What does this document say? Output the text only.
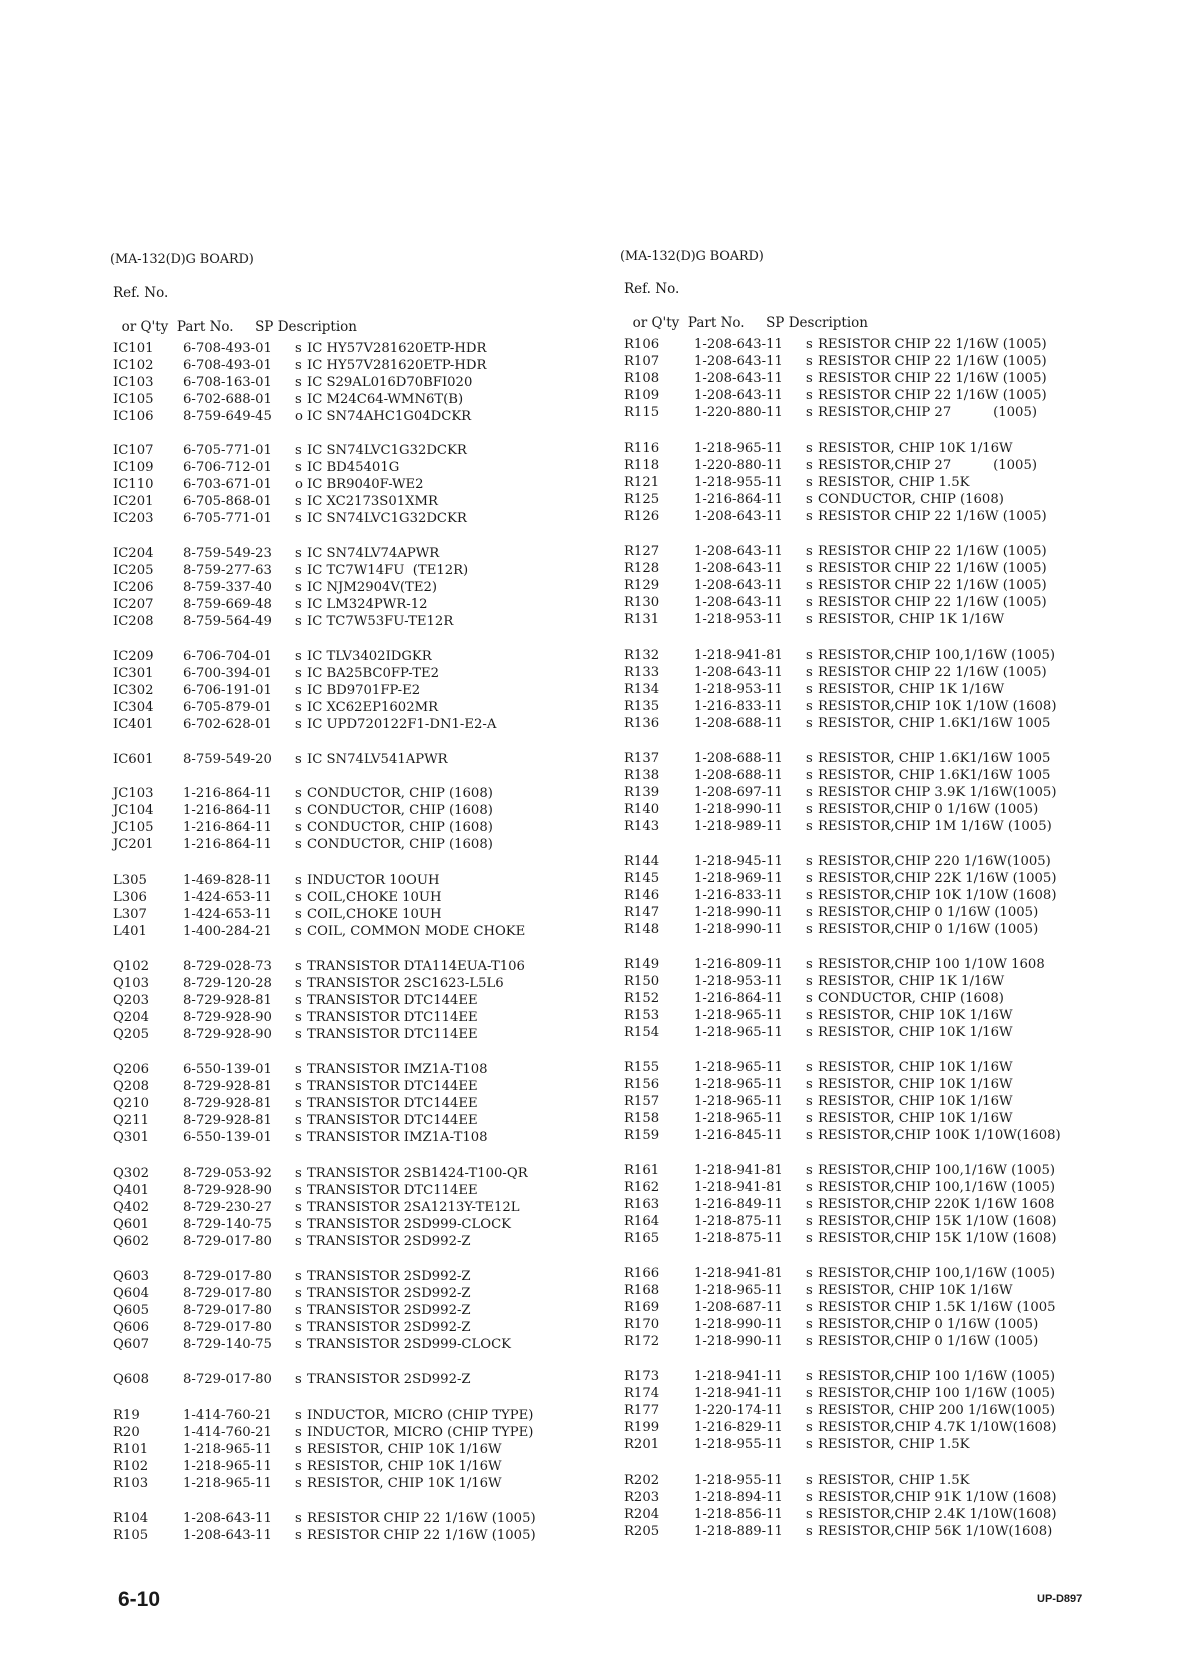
(MA-132(D)G BOARD)
Ref. No.

or Q'ty Part No. SP Description

IC101 6-708-493-01 s IC HY57V281620ETP-HDR
IC102 6-708-493-01 s IC HY57V281620ETP-HDR
IC103 6-708-163-01 s IC S29AL016D70BFI020
IC105 6-702-688-01 s IC M24C64-WMN6T(B)
IC106 8-759-649-45 o IC SN74AHC1G04DCKR
IC107 6-705-771-01 s IC SN74LVC1G32DCKR
IC109 6-706-712-01 s IC BD45401G
IC110 6-703-671-01 o IC BR9040F-WE2
IC201 6-705-868-01 s IC XC2173S01XMR
IC203 6-705-771-01 s IC SN74LVC1G32DCKR
IC204 8-759-549-23 s IC SN74LV74APWR
IC205 8-759-277-63 s IC TC7W14FU  (TE12R)
IC206 8-759-337-40 s IC NJM2904V(TE2)
IC207 8-759-669-48 s IC LM324PWR-12
IC208 8-759-564-49 s IC TC7W53FU-TE12R
IC209 6-706-704-01 s IC TLV3402IDGKR
IC301 6-700-394-01 s IC BA25BC0FP-TE2
IC302 6-706-191-01 s IC BD9701FP-E2
IC304 6-705-879-01 s IC XC62EP1602MR
IC401 6-702-628-01 s IC UPD720122F1-DN1-E2-A
IC601 8-759-549-20 s IC SN74LV541APWR
JC103 1-216-864-11 s CONDUCTOR, CHIP (1608)
JC104 1-216-864-11 s CONDUCTOR, CHIP (1608)
JC105 1-216-864-11 s CONDUCTOR, CHIP (1608)
JC201 1-216-864-11 s CONDUCTOR, CHIP (1608)
L305	1-469-828-11 s INDUCTOR 10OUH
L306	1-424-653-11 s COIL,CHOKE 10UH
L307	1-424-653-11 s COIL,CHOKE 10UH
L401	1-400-284-21 s COIL, COMMON MODE CHOKE
Q102	8-729-028-73 s TRANSISTOR DTA114EUA-T106
Q103	8-729-120-28 s TRANSISTOR 2SC1623-L5L6
Q203	8-729-928-81 s TRANSISTOR DTC144EE
Q204	8-729-928-90 s TRANSISTOR DTC114EE
Q205	8-729-928-90 s TRANSISTOR DTC114EE
Q206	6-550-139-01 s TRANSISTOR IMZ1A-T108
Q208	8-729-928-81 s TRANSISTOR DTC144EE
Q210	8-729-928-81 s TRANSISTOR DTC144EE
Q211	8-729-928-81 s TRANSISTOR DTC144EE
Q301	6-550-139-01 s TRANSISTOR IMZ1A-T108
Q302	8-729-053-92 s TRANSISTOR 2SB1424-T100-QR
Q401	8-729-928-90 s TRANSISTOR DTC114EE
Q402	8-729-230-27 s TRANSISTOR 2SA1213Y-TE12L
Q601	8-729-140-75 s TRANSISTOR 2SD999-CLOCK
Q602	8-729-017-80 s TRANSISTOR 2SD992-Z
Q603	8-729-017-80 s TRANSISTOR 2SD992-Z
Q604	8-729-017-80 s TRANSISTOR 2SD992-Z
Q605	8-729-017-80 s TRANSISTOR 2SD992-Z
Q606	8-729-017-80 s TRANSISTOR 2SD992-Z
Q607	8-729-140-75 s TRANSISTOR 2SD999-CLOCK
Q608	8-729-017-80 s TRANSISTOR 2SD992-Z
R19	1-414-760-21 s INDUCTOR, MICRO (CHIP TYPE)
R20	1-414-760-21 s INDUCTOR, MICRO (CHIP TYPE)
R101	1-218-965-11 s RESISTOR, CHIP 10K 1/16W
R102	1-218-965-11 s RESISTOR, CHIP 10K 1/16W
R103	1-218-965-11 s RESISTOR, CHIP 10K 1/16W
R104	1-208-643-11 s RESISTOR CHIP 22 1/16W (1005)
R105	1-208-643-11 s RESISTOR CHIP 22 1/16W (1005)
(MA-132(D)G BOARD)
Ref. No.

or Q'ty Part No. SP Description

R106	1-208-643-11 s RESISTOR CHIP 22 1/16W (1005)
R107	1-208-643-11 s RESISTOR CHIP 22 1/16W (1005)
R108	1-208-643-11 s RESISTOR CHIP 22 1/16W (1005)
R109	1-208-643-11 s RESISTOR CHIP 22 1/16W (1005)
R115	1-220-880-11 s RESISTOR,CHIP 27          (1005)
R116	1-218-965-11 s RESISTOR, CHIP 10K 1/16W
R118	1-220-880-11 s RESISTOR,CHIP 27          (1005)
R121	1-218-955-11 s RESISTOR, CHIP 1.5K
R125	1-216-864-11 s CONDUCTOR, CHIP (1608)
R126	1-208-643-11 s RESISTOR CHIP 22 1/16W (1005)
R127	1-208-643-11 s RESISTOR CHIP 22 1/16W (1005)
R128	1-208-643-11 s RESISTOR CHIP 22 1/16W (1005)
R129	1-208-643-11 s RESISTOR CHIP 22 1/16W (1005)
R130	1-208-643-11 s RESISTOR CHIP 22 1/16W (1005)
R131	1-218-953-11 s RESISTOR, CHIP 1K 1/16W
R132	1-218-941-81 s RESISTOR,CHIP 100,1/16W (1005)
R133	1-208-643-11 s RESISTOR CHIP 22 1/16W (1005)
R134	1-218-953-11 s RESISTOR, CHIP 1K 1/16W
R135	1-216-833-11 s RESISTOR,CHIP 10K 1/10W (1608)
R136	1-208-688-11 s RESISTOR, CHIP 1.6K1/16W 1005
R137	1-208-688-11 s RESISTOR, CHIP 1.6K1/16W 1005
R138	1-208-688-11 s RESISTOR, CHIP 1.6K1/16W 1005
R139	1-208-697-11 s RESISTOR CHIP 3.9K 1/16W(1005)
R140	1-218-990-11 s RESISTOR,CHIP 0 1/16W (1005)
R143	1-218-989-11 s RESISTOR,CHIP 1M 1/16W (1005)
R144	1-218-945-11 s RESISTOR,CHIP 220 1/16W(1005)
R145	1-218-969-11 s RESISTOR,CHIP 22K 1/16W (1005)
R146	1-216-833-11 s RESISTOR,CHIP 10K 1/10W (1608)
R147	1-218-990-11 s RESISTOR,CHIP 0 1/16W (1005)
R148	1-218-990-11 s RESISTOR,CHIP 0 1/16W (1005)
R149	1-216-809-11 s RESISTOR,CHIP 100 1/10W 1608
R150	1-218-953-11 s RESISTOR, CHIP 1K 1/16W
R152	1-216-864-11 s CONDUCTOR, CHIP (1608)
R153	1-218-965-11 s RESISTOR, CHIP 10K 1/16W
R154	1-218-965-11 s RESISTOR, CHIP 10K 1/16W
R155	1-218-965-11 s RESISTOR, CHIP 10K 1/16W
R156	1-218-965-11 s RESISTOR, CHIP 10K 1/16W
R157	1-218-965-11 s RESISTOR, CHIP 10K 1/16W
R158	1-218-965-11 s RESISTOR, CHIP 10K 1/16W
R159	1-216-845-11 s RESISTOR,CHIP 100K 1/10W(1608)
R161	1-218-941-81 s RESISTOR,CHIP 100,1/16W (1005)
R162	1-218-941-81 s RESISTOR,CHIP 100,1/16W (1005)
R163	1-216-849-11 s RESISTOR,CHIP 220K 1/16W 1608
R164	1-218-875-11 s RESISTOR,CHIP 15K 1/10W (1608)
R165	1-218-875-11 s RESISTOR,CHIP 15K 1/10W (1608)
R166	1-218-941-81 s RESISTOR,CHIP 100,1/16W (1005)
R168	1-218-965-11 s RESISTOR, CHIP 10K 1/16W
R169	1-208-687-11 s RESISTOR CHIP 1.5K 1/16W (1005
R170	1-218-990-11 s RESISTOR,CHIP 0 1/16W (1005)
R172	1-218-990-11 s RESISTOR,CHIP 0 1/16W (1005)
R173	1-218-941-11 s RESISTOR,CHIP 100 1/16W (1005)
R174	1-218-941-11 s RESISTOR,CHIP 100 1/16W (1005)
R177	1-220-174-11 s RESISTOR, CHIP 200 1/16W(1005)
R199	1-216-829-11 s RESISTOR,CHIP 4.7K 1/10W(1608)
R201	1-218-955-11 s RESISTOR, CHIP 1.5K
R202	1-218-955-11 s RESISTOR, CHIP 1.5K
R203	1-218-894-11 s RESISTOR,CHIP 91K 1/10W (1608)
R204	1-218-856-11 s RESISTOR,CHIP 2.4K 1/10W(1608)
R205	1-218-889-11 s RESISTOR,CHIP 56K 1/10W(1608)
6-10	UP-D897
